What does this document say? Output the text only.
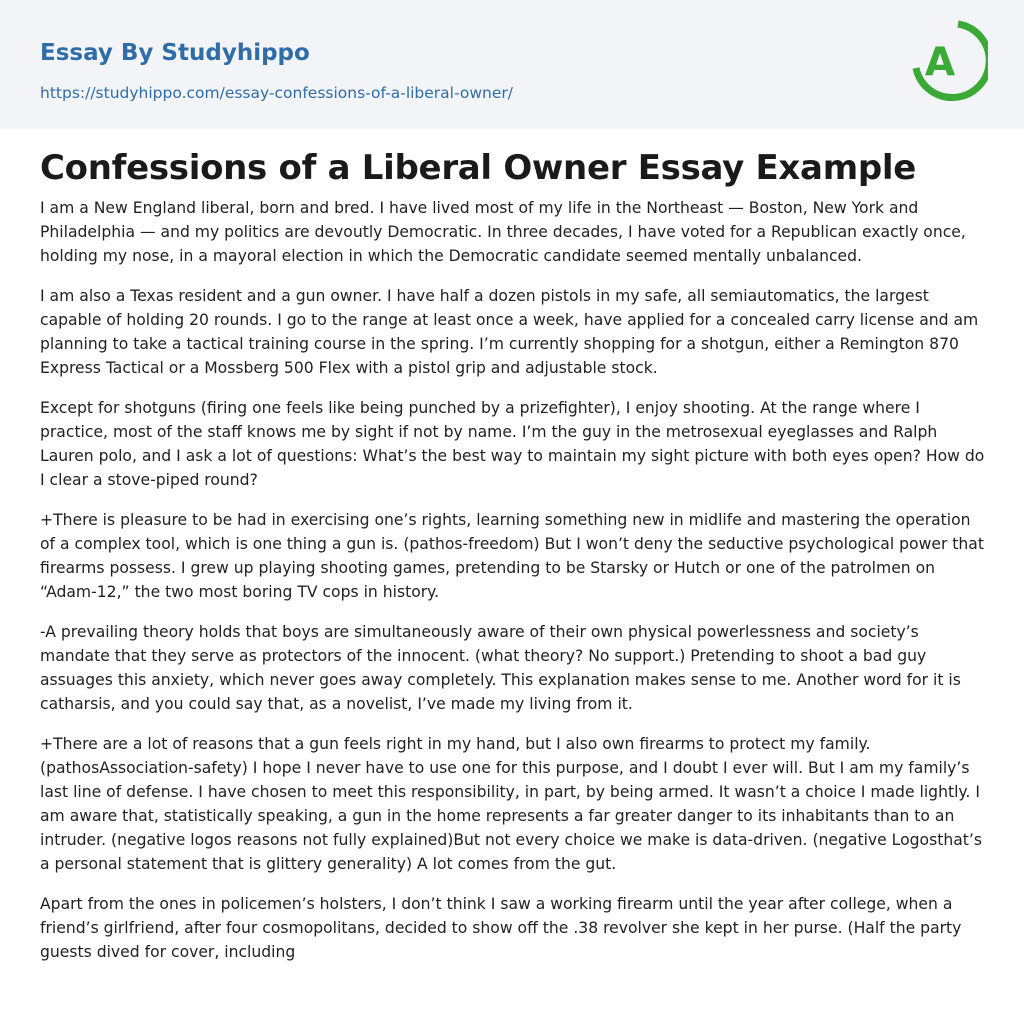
Essay By Studyhippo
https://studyhippo.com/essay-confessions-of-a-liberal-owner/
A
Confessions of a Liberal Owner Essay Example

I am a New England liberal, born and bred. I have lived most of my life in the Northeast — Boston, New York and Philadelphia — and my politics are devoutly Democratic. In three decades, I have voted for a Republican exactly once, holding my nose, in a mayoral election in which the Democratic candidate seemed mentally unbalanced.

I am also a Texas resident and a gun owner. I have half a dozen pistols in my safe, all semiautomatics, the largest capable of holding 20 rounds. I go to the range at least once a week, have applied for a concealed carry license and am planning to take a tactical training course in the spring. I’m currently shopping for a shotgun, either a Remington 870 Express Tactical or a Mossberg 500 Flex with a pistol grip and adjustable stock.

Except for shotguns (firing one feels like being punched by a prizefighter), I enjoy shooting. At the range where I practice, most of the staff knows me by sight if not by name. I’m the guy in the metrosexual eyeglasses and Ralph Lauren polo, and I ask a lot of questions: What’s the best way to maintain my sight picture with both eyes open? How do I clear a stove-piped round?

+There is pleasure to be had in exercising one’s rights, learning something new in midlife and mastering the operation of a complex tool, which is one thing a gun is. (pathos-freedom) But I won’t deny the seductive psychological power that firearms possess. I grew up playing shooting games, pretending to be Starsky or Hutch or one of the patrolmen on “Adam-12,” the two most boring TV cops in history.

-A prevailing theory holds that boys are simultaneously aware of their own physical powerlessness and society’s mandate that they serve as protectors of the innocent. (what theory? No support.) Pretending to shoot a bad guy assuages this anxiety, which never goes away completely. This explanation makes sense to me. Another word for it is catharsis, and you could say that, as a novelist, I’ve made my living from it.

+There are a lot of reasons that a gun feels right in my hand, but I also own firearms to protect my family. (pathosAssociation-safety) I hope I never have to use one for this purpose, and I doubt I ever will. But I am my family’s last line of defense. I have chosen to meet this responsibility, in part, by being armed. It wasn’t a choice I made lightly. I am aware that, statistically speaking, a gun in the home represents a far greater danger to its inhabitants than to an intruder. (negative logos reasons not fully explained)But not every choice we make is data-driven. (negative Logosthat’s a personal statement that is glittery generality) A lot comes from the gut.

Apart from the ones in policemen’s holsters, I don’t think I saw a working firearm until the year after college, when a friend’s girlfriend, after four cosmopolitans, decided to show off the .38 revolver she kept in her purse. (Half the party guests dived for cover, including
